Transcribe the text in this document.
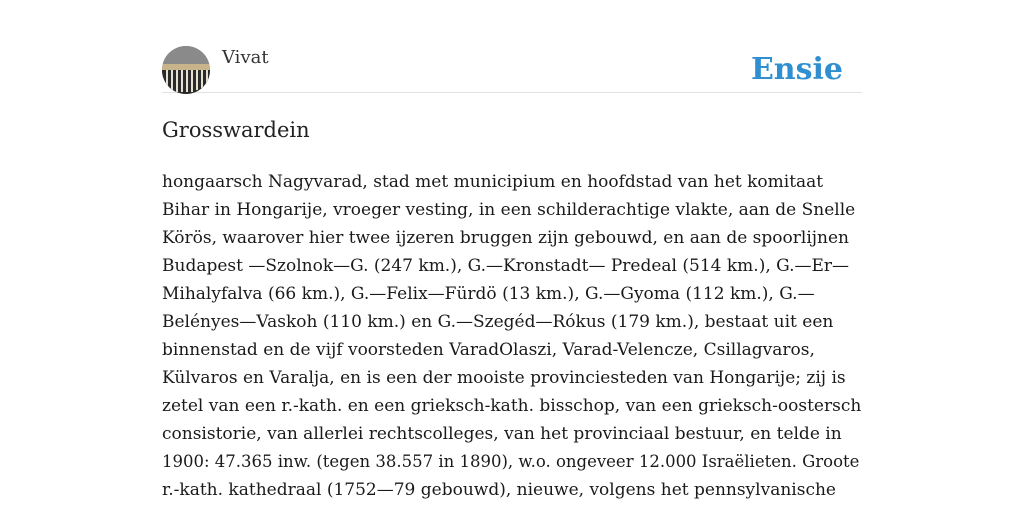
Vivat	Ensie
Grosswardein
hongaarsch Nagyvarad, stad met municipium en hoofdstad van het komitaat
Bihar in Hongarije, vroeger vesting, in een schilderachtige vlakte, aan de Snelle
Körös, waarover hier twee ijzeren bruggen zijn gebouwd, en aan de spoorlijnen
Budapest —Szolnok—G. (247 km.), G.—Kronstadt— Predeal (514 km.), G.—Er—
Mihalyfalva (66 km.), G.—Felix—Fürdö (13 km.), G.—Gyoma (112 km.), G.—
Belényes—Vaskoh (110 km.) en G.—Szegéd—Rókus (179 km.), bestaat uit een
binnenstad en de vijf voorsteden VaradOlaszi, Varad-Velencze, Csillagvaros,
Külvaros en Varalja, en is een der mooiste provinciesteden van Hongarije; zij is
zetel van een r.-kath. en een grieksch-kath. bisschop, van een grieksch-oostersch
consistorie, van allerlei rechtscolleges, van het provinciaal bestuur, en telde in
1900: 47.365 inw. (tegen 38.557 in 1890), w.o. ongeveer 12.000 Israëlieten. Groote
r.-kath. kathedraal (1752—79 gebouwd), nieuwe, volgens het pennsylvanische
